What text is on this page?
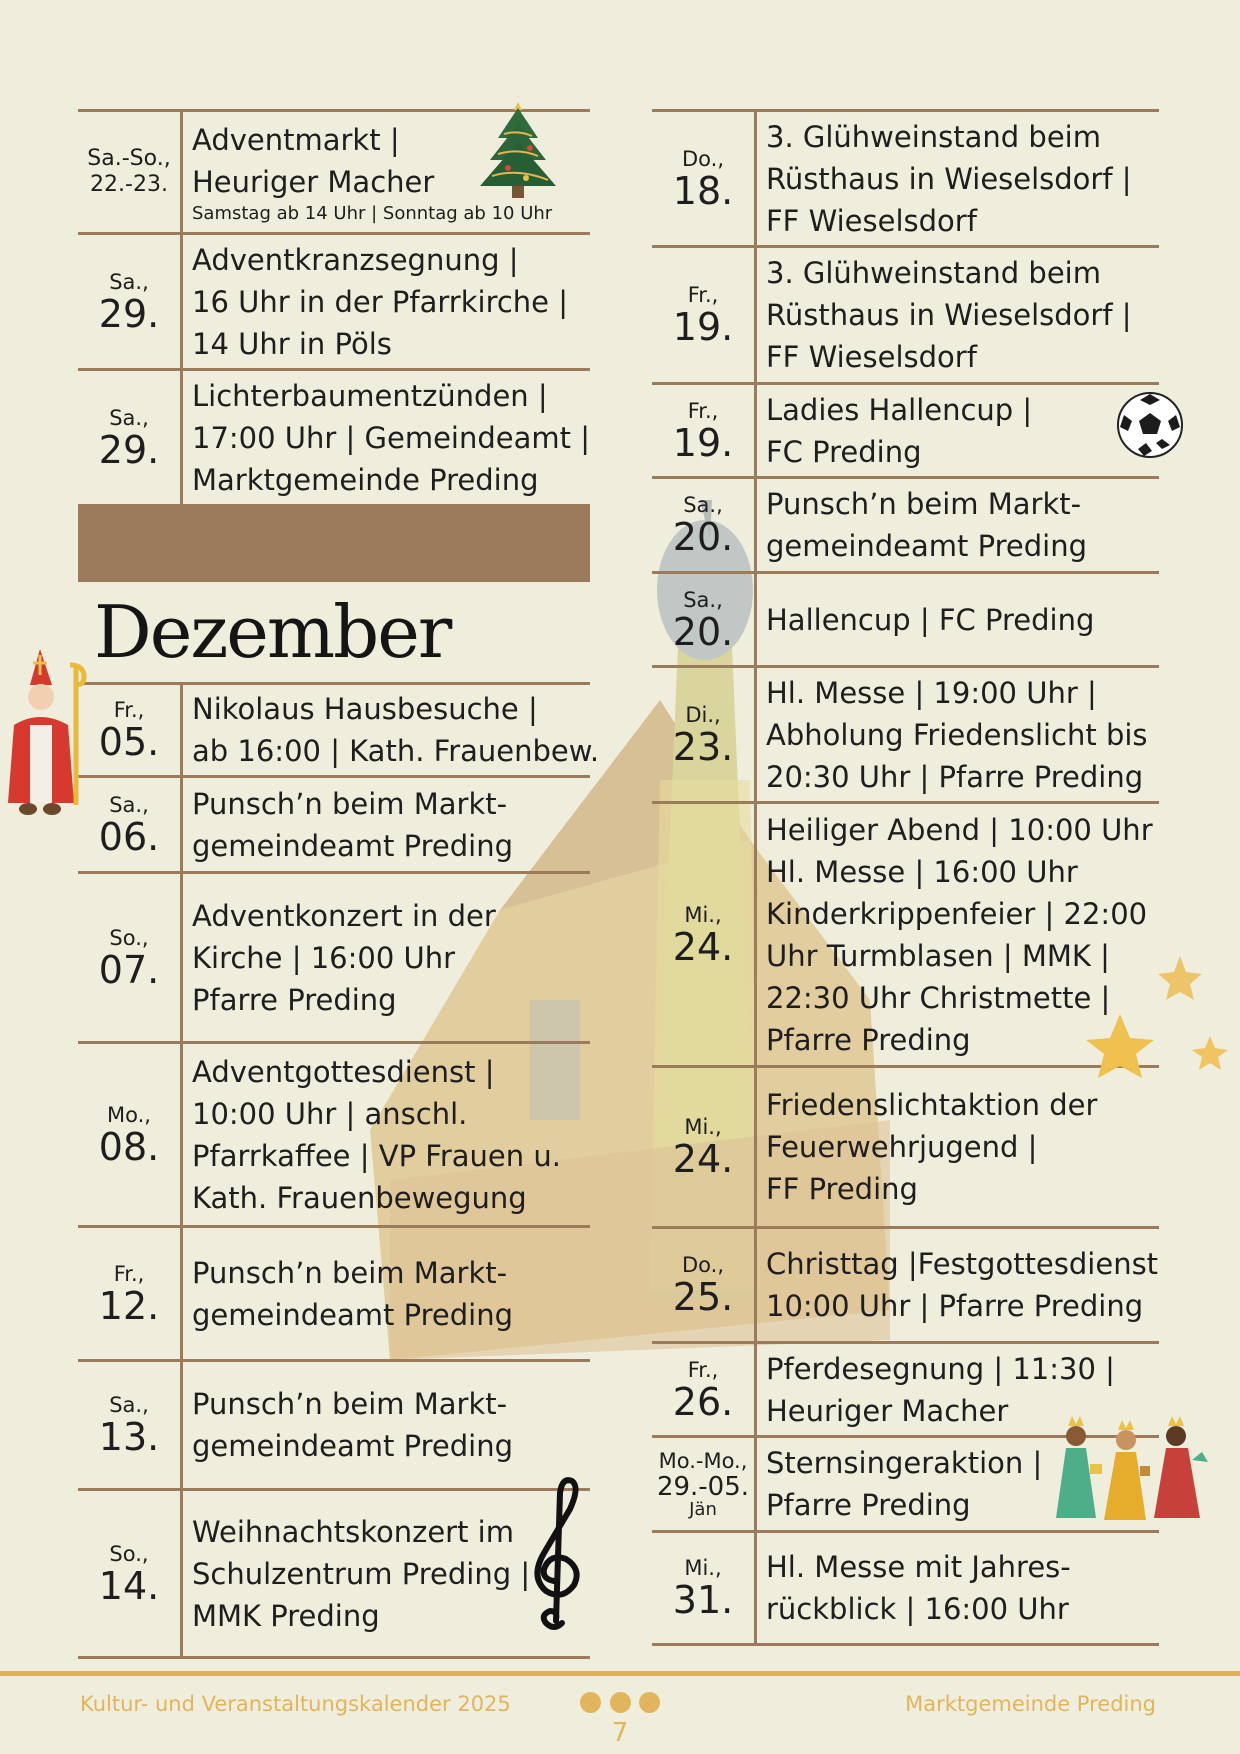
Sa.-So.,
22.-23.
Adventmarkt |
Heuriger Macher
Samstag ab 14 Uhr | Sonntag ab 10 Uhr
Sa.,
29.
Adventkranzsegnung |
16 Uhr in der Pfarrkirche |
14 Uhr in Pöls
Sa.,
29.
Lichterbaumentzünden |
17:00 Uhr | Gemeindeamt |
Marktgemeinde Preding
Dezember
Fr.,
05.
Nikolaus Hausbesuche |
ab 16:00 | Kath. Frauenbew.
Sa.,
06.
Punsch’n beim Markt-
gemeindeamt Preding
So.,
07.
Adventkonzert in der
Kirche | 16:00 Uhr
Pfarre Preding
Mo.,
08.
Adventgottesdienst |
10:00 Uhr | anschl.
Pfarrkaffee | VP Frauen u.
Kath. Frauenbewegung
Fr.,
12.
Punsch’n beim Markt-
gemeindeamt Preding
Sa.,
13.
Punsch’n beim Markt-
gemeindeamt Preding
So.,
14.
Weihnachtskonzert im
Schulzentrum Preding |
MMK Preding
Do.,
18.
3. Glühweinstand beim
Rüsthaus in Wieselsdorf |
FF Wieselsdorf
Fr.,
19.
3. Glühweinstand beim
Rüsthaus in Wieselsdorf |
FF Wieselsdorf
Fr.,
19.
Ladies Hallencup |
FC Preding
Sa.,
20.
Punsch’n beim Markt-
gemeindeamt Preding
Sa.,
20. Hallencup | FC Preding
Di.,
23.
Hl. Messe | 19:00 Uhr |
Abholung Friedenslicht bis
20:30 Uhr | Pfarre Preding
Mi.,
24.
Heiliger Abend | 10:00 Uhr
Hl. Messe | 16:00 Uhr
Kinderkrippenfeier | 22:00
Uhr Turmblasen | MMK |
22:30 Uhr Christmette |
Pfarre Preding
Mi.,
24.
Friedenslichtaktion der
Feuerwehrjugend |
FF Preding
Do.,
25.
Christtag |Festgottesdienst
10:00 Uhr | Pfarre Preding
Fr.,
26.
Pferdesegnung | 11:30 |
Heuriger Macher
Mo.-Mo.,
29.-05.
Jän
Sternsingeraktion |
Pfarre Preding
Mi.,
31.
Hl. Messe mit Jahres-
rückblick | 16:00 Uhr
Kultur- und Veranstaltungskalender 2025
7
Marktgemeinde Preding
